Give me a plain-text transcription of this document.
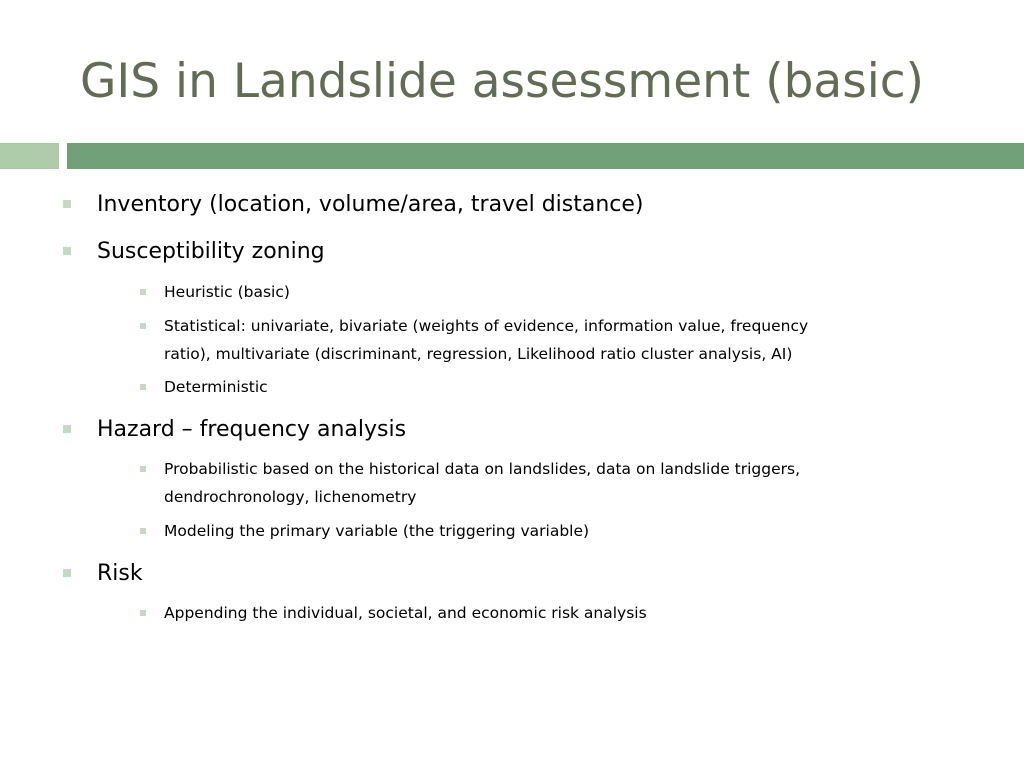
GIS in Landslide assessment (basic)
Inventory (location, volume/area, travel distance)
Susceptibility zoning
Heuristic (basic)
Statistical: univariate, bivariate (weights of evidence, information value, frequency
ratio), multivariate (discriminant, regression, Likelihood ratio cluster analysis, AI)
Deterministic
Hazard – frequency analysis
Probabilistic based on the historical data on landslides, data on landslide triggers,
dendrochronology, lichenometry
Modeling the primary variable (the triggering variable)
Risk
Appending the individual, societal, and economic risk analysis
